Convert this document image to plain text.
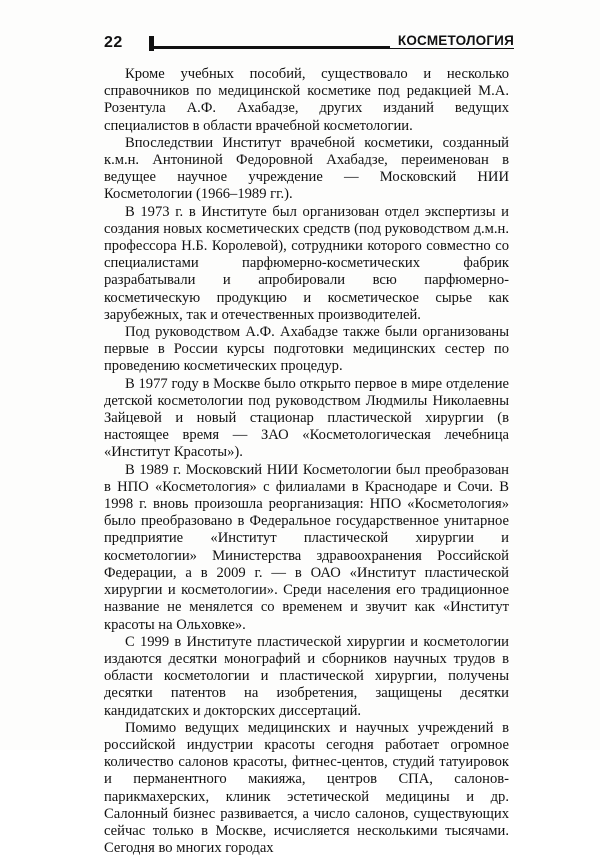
22	КОСМЕТОЛОГИЯ

Кроме учебных пособий, существовало и несколько справочников по медицинской косметике под редакцией М.А. Розентула А.Ф. Ахабадзе, других изданий ведущих специалистов в области врачебной косметологии.

Впоследствии Институт врачебной косметики, созданный к.м.н. Антониной Федоровной Ахабадзе, переименован в ведущее научное учреждение — Московский НИИ Косметологии (1966–1989 гг.).

В 1973 г. в Институте был организован отдел экспертизы и создания новых косметических средств (под руководством д.м.н. профессора Н.Б. Королевой), сотрудники которого совместно со специалистами парфюмерно-косметических фабрик разрабатывали и апробировали всю парфюмерно-косметическую продукцию и косметическое сырье как зарубежных, так и отечественных производителей.

Под руководством А.Ф. Ахабадзе также были организованы первые в России курсы подготовки медицинских сестер по проведению косметических процедур.

В 1977 году в Москве было открыто первое в мире отделение детской косметологии под руководством Людмилы Николаевны Зайцевой и новый стационар пластической хирургии (в настоящее время — ЗАО «Косметологическая лечебница «Институт Красоты»).

В 1989 г. Московский НИИ Косметологии был преобразован в НПО «Косметология» с филиалами в Краснодаре и Сочи. В 1998 г. вновь произошла реорганизация: НПО «Косметология» было преобразовано в Федеральное государственное унитарное предприятие «Институт пластической хирургии и косметологии» Министерства здравоохранения Российской Федерации, а в 2009 г. — в ОАО «Институт пластической хирургии и косметологии». Среди населения его традиционное название не менялется со временем и звучит как «Институт красоты на Ольховке».

С 1999 в Институте пластической хирургии и косметологии издаются десятки монографий и сборников научных трудов в области косметологии и пластической хирургии, получены десятки патентов на изобретения, защищены десятки кандидатских и докторских диссертаций.

Помимо ведущих медицинских и научных учреждений в российской индустрии красоты сегодня работает огромное количество салонов красоты, фитнес-центов, студий татуировок и перманентного макияжа, центров СПА, салонов-парикмахерских, клиник эстетической медицины и др. Салонный бизнес развивается, а число салонов, существующих сейчас только в Москве, исчисляется несколькими тысячами. Сегодня во многих городах
